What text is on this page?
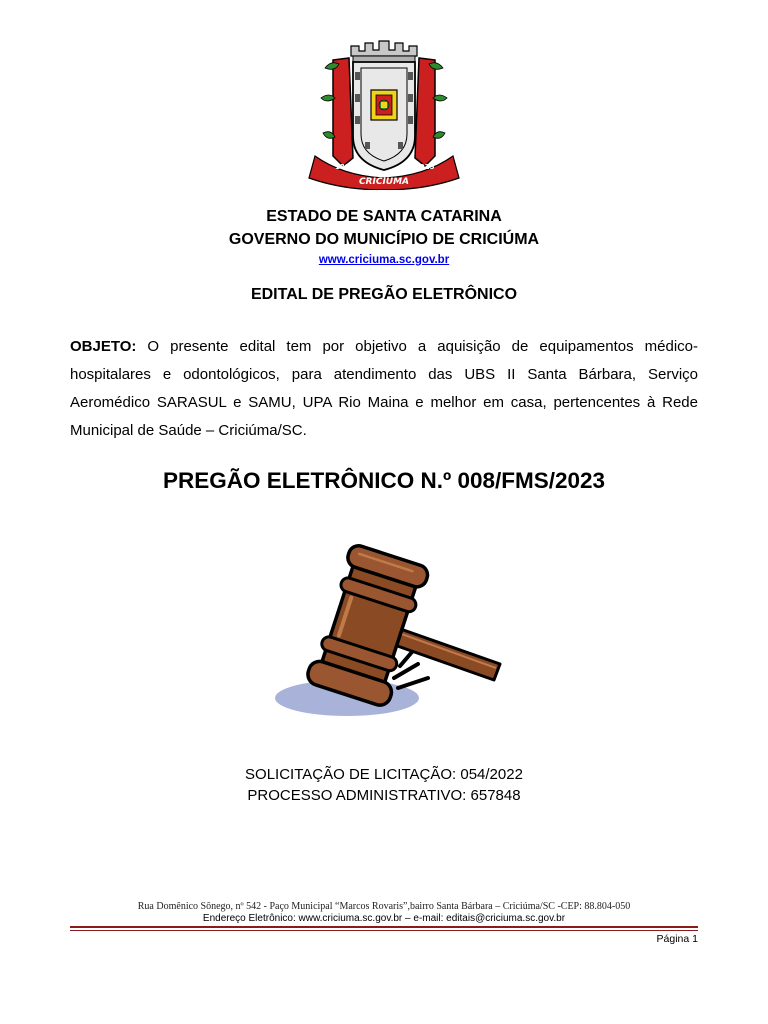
1880	1925
CRICIÚMA
ESTADO DE SANTA CATARINA
GOVERNO DO MUNICÍPIO DE CRICIÚMA
www.criciuma.sc.gov.br
EDITAL DE PREGÃO ELETRÔNICO
OBJETO: O presente edital tem por objetivo a aquisição de equipamentos médico-hospitalares e odontológicos, para atendimento das UBS II Santa Bárbara, Serviço Aeromédico SARASUL e SAMU, UPA Rio Maina e melhor em casa, pertencentes à Rede Municipal de Saúde – Criciúma/SC.
PREGÃO ELETRÔNICO N.º 008/FMS/2023
SOLICITAÇÃO DE LICITAÇÃO: 054/2022
PROCESSO ADMINISTRATIVO: 657848
Rua Domênico Sônego, nº 542 - Paço Municipal “Marcos Rovaris”,bairro Santa Bárbara – Criciúma/SC -CEP: 88.804-050
Endereço Eletrônico: www.criciuma.sc.gov.br – e-mail: editais@criciuma.sc.gov.br
Página 1
